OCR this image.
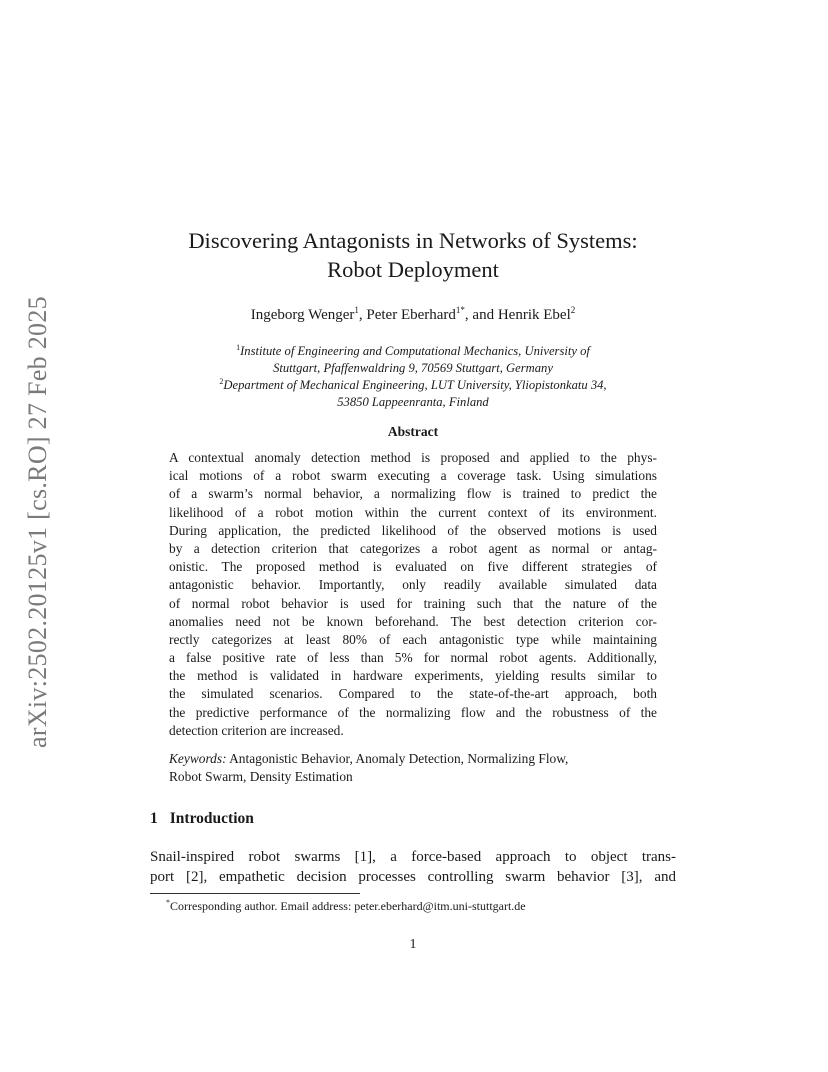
arXiv:2502.20125v1 [cs.RO] 27 Feb 2025
Discovering Antagonists in Networks of Systems:
Robot Deployment
Ingeborg Wenger$^1$, Peter Eberhard$^{1*}$, and Henrik Ebel$^2$
$^1$Institute of Engineering and Computational Mechanics, University of
Stuttgart, Pfaffenwaldring 9, 70569 Stuttgart, Germany
$^2$Department of Mechanical Engineering, LUT University, Yliopistonkatu 34,
53850 Lappeenranta, Finland
Abstract
A contextual anomaly detection method is proposed and applied to the phys-
ical motions of a robot swarm executing a coverage task. Using simulations
of a swarm’s normal behavior, a normalizing flow is trained to predict the
likelihood of a robot motion within the current context of its environment.
During application, the predicted likelihood of the observed motions is used
by a detection criterion that categorizes a robot agent as normal or antag-
onistic. The proposed method is evaluated on five different strategies of
antagonistic behavior. Importantly, only readily available simulated data
of normal robot behavior is used for training such that the nature of the
anomalies need not be known beforehand. The best detection criterion cor-
rectly categorizes at least 80% of each antagonistic type while maintaining
a false positive rate of less than 5% for normal robot agents. Additionally,
the method is validated in hardware experiments, yielding results similar to
the simulated scenarios. Compared to the state-of-the-art approach, both
the predictive performance of the normalizing flow and the robustness of the
detection criterion are increased.
Keywords: Antagonistic Behavior, Anomaly Detection, Normalizing Flow,
Robot Swarm, Density Estimation
1 Introduction
Snail-inspired robot swarms [1], a force-based approach to object trans-
port [2], empathetic decision processes controlling swarm behavior [3], and
*Corresponding author. Email address: peter.eberhard@itm.uni-stuttgart.de
1
